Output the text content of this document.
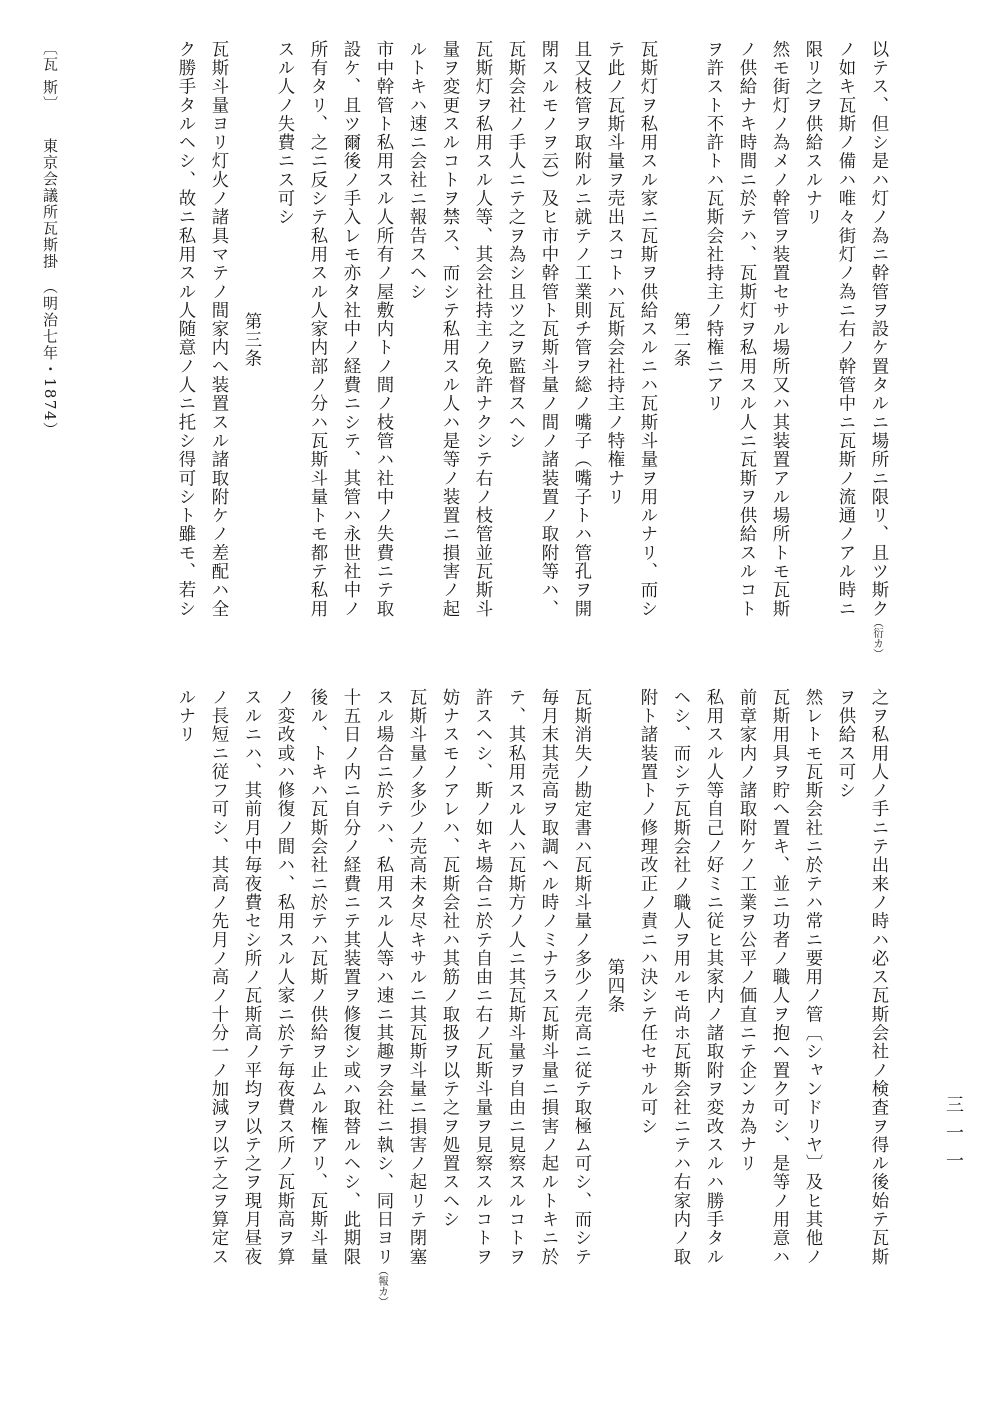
以テス、但シ是ハ灯ノ為ニ幹管ヲ設ケ置タルニ場所ニ限リ、且ツ斯ク（衍カ）
ノ如キ瓦斯ノ備ハ唯々街灯ノ為ニ右ノ幹管中ニ瓦斯ノ流通ノアル時ニ
限リ之ヲ供給スルナリ
然モ街灯ノ為メノ幹管ヲ装置セサル場所又ハ其装置アル場所トモ瓦斯
ノ供給ナキ時間ニ於テハ、瓦斯灯ヲ私用スル人ニ瓦斯ヲ供給スルコト
ヲ許スト不許トハ瓦斯会社持主ノ特権ニアリ
第二条
瓦斯灯ヲ私用スル家ニ瓦斯ヲ供給スルニハ瓦斯斗量ヲ用ルナリ、而シ
テ此ノ瓦斯斗量ヲ売出スコトハ瓦斯会社持主ノ特権ナリ
且又枝管ヲ取附ルニ就テノ工業則チ管ヲ総ノ嘴子（嘴子トハ管孔ヲ開
閉スルモノヲ云）及ヒ市中幹管ト瓦斯斗量ノ間ノ諸装置ノ取附等ハ、
瓦斯会社ノ手人ニテ之ヲ為シ且ツ之ヲ監督スヘシ
瓦斯灯ヲ私用スル人等、其会社持主ノ免許ナクシテ右ノ枝管並瓦斯斗
量ヲ変更スルコトヲ禁ス、而シテ私用スル人ハ是等ノ装置ニ損害ノ起
ルトキハ速ニ会社ニ報告スヘシ
市中幹管ト私用スル人所有ノ屋敷内トノ間ノ枝管ハ社中ノ失費ニテ取
設ケ、且ツ爾後ノ手入レモ亦タ社中ノ経費ニシテ、其管ハ永世社中ノ
所有タリ、之ニ反シテ私用スル人家内部ノ分ハ瓦斯斗量トモ都テ私用
スル人ノ失費ニス可シ
第三条
瓦斯斗量ヨリ灯火ノ諸具マテノ間家内へ装置スル諸取附ケノ差配ハ全
ク勝手タルヘシ、故ニ私用スル人随意ノ人ニ托シ得可シト雖モ、若シ
之ヲ私用人ノ手ニテ出来ノ時ハ必ス瓦斯会社ノ検査ヲ得ル後始テ瓦斯
ヲ供給ス可シ
然レトモ瓦斯会社ニ於テハ常ニ要用ノ管〔シャンドリヤ〕及ヒ其他ノ
瓦斯用具ヲ貯へ置キ、並ニ功者ノ職人ヲ抱へ置ク可シ、是等ノ用意ハ
前章家内ノ諸取附ケノ工業ヲ公平ノ価直ニテ企ンカ為ナリ
私用スル人等自己ノ好ミニ従ヒ其家内ノ諸取附ヲ変改スルハ勝手タル
ヘシ、而シテ瓦斯会社ノ職人ヲ用ルモ尚ホ瓦斯会社ニテハ右家内ノ取
附ト諸装置トノ修理改正ノ責ニハ決シテ任セサル可シ
第四条
瓦斯消失ノ勘定書ハ瓦斯斗量ノ多少ノ売高ニ従テ取極ム可シ、而シテ
毎月末其売高ヲ取調ヘル時ノミナラス瓦斯斗量ニ損害ノ起ルトキニ於
テ、其私用スル人ハ瓦斯方ノ人ニ其瓦斯斗量ヲ自由ニ見察スルコトヲ
許スヘシ、斯ノ如キ場合ニ於テ自由ニ右ノ瓦斯斗量ヲ見察スルコトヲ
妨ナスモノアレハ、瓦斯会社ハ其筋ノ取扱ヲ以テ之ヲ処置スヘシ
瓦斯斗量ノ多少ノ売高未タ尽キサルニ其瓦斯斗量ニ損害ノ起リテ閉塞
スル場合ニ於テハ、私用スル人等ハ速ニ其趣ヲ会社ニ執シ、同日ヨリ（報カ）
十五日ノ内ニ自分ノ経費ニテ其装置ヲ修復シ或ハ取替ルヘシ、此期限
後ル、トキハ瓦斯会社ニ於テハ瓦斯ノ供給ヲ止ムル権アリ、瓦斯斗量
ノ変改或ハ修復ノ間ハ、私用スル人家ニ於テ毎夜費ス所ノ瓦斯高ヲ算
スルニハ、其前月中毎夜費セシ所ノ瓦斯高ノ平均ヲ以テ之ヲ現月昼夜
ノ長短ニ従フ可シ、其高ノ先月ノ高ノ十分一ノ加減ヲ以テ之ヲ算定ス
ルナリ
三一一
〔瓦 斯〕　　東京会議所瓦斯掛　（明治七年・1874）
